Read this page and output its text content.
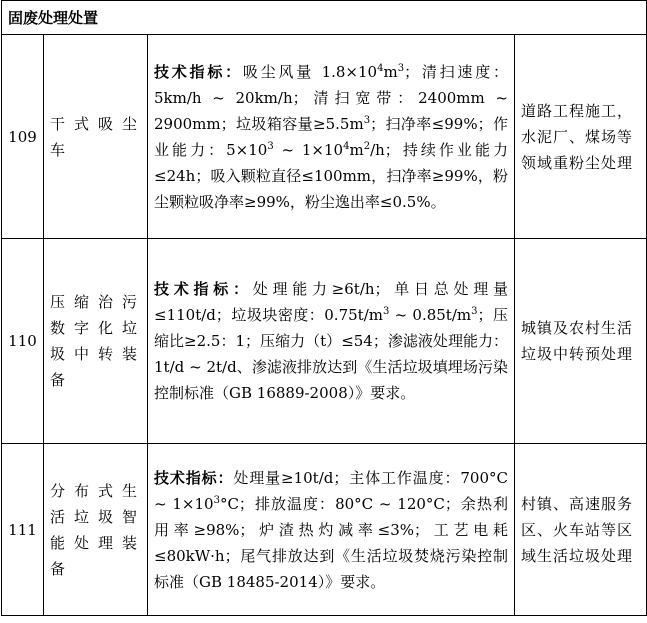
固废处理处置			
109	干式吸尘车	技术指标：吸尘风量 $1.8\times 10^4m^3$；清扫速度：5km/h ~ 20km/h；清扫宽带：2400mm ~ 2900mm；垃圾箱容量$\ge 5.5m^3$；扫净率≤99%；作业能力：$5\times 10^3$ ~ $1\times 10^4m^2/h$；持续作业能力≤24h；吸入颗粒直径≤100mm，扫净率≥99%，粉尘颗粒吸净率≥99%，粉尘逸出率≤0.5%。	道路工程施工，水泥厂、煤场等领域重粉尘处理
110	压缩治污数字化垃圾中转装备	技术指标：处理能力≥6t/h；单日总处理量≤110t/d；垃圾块密度：$0.75t/m^3$ ~ $0.85t/m^3$；压缩比≥2.5：1；压缩力（t）≤54；渗滤液处理能力：1t/d ~ 2t/d、渗滤液排放达到《生活垃圾填埋场污染控制标准（GB 16889-2008）》要求。	城镇及农村生活垃圾中转预处理
111	分布式生活垃圾智能处理装备	技术指标：处理量≥10t/d；主体工作温度：700°C ~ $1\times 10^3^\circ C$；排放温度：80°C ~ 120°C；余热利用率≥98%；炉渣热灼减率≤3%；工艺电耗≤80kW·h；尾气排放达到《生活垃圾焚烧污染控制标准（GB 18485-2014）》要求。	村镇、高速服务区、火车站等区域生活垃圾处理
